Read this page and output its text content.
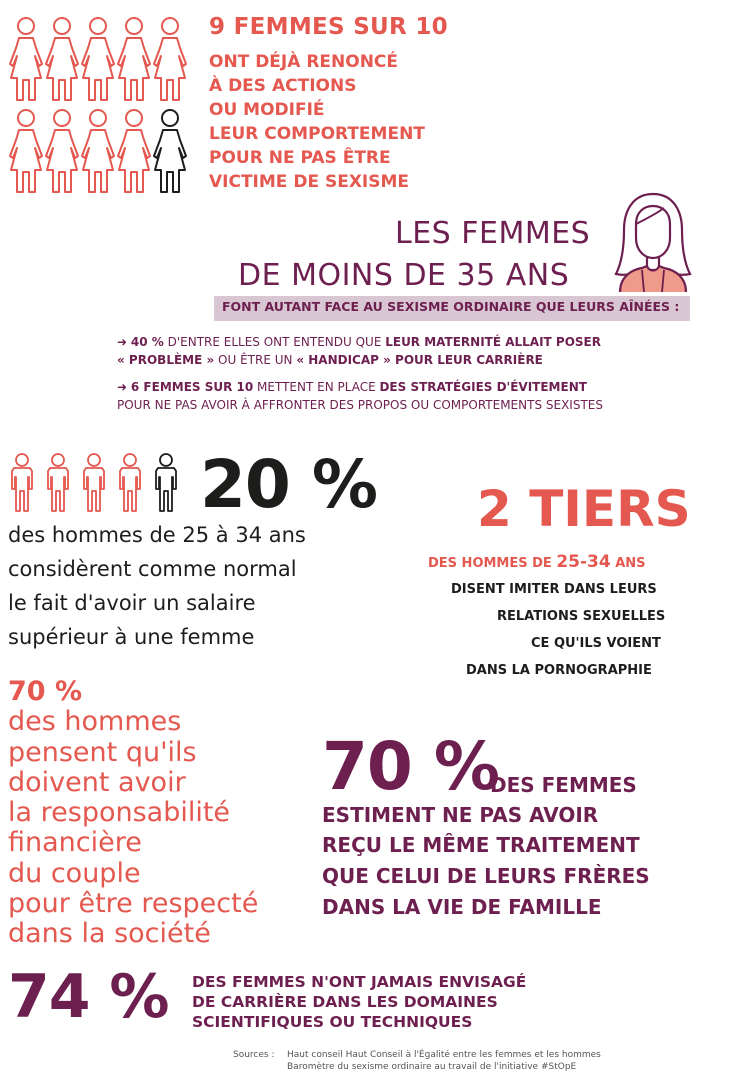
9 FEMMES SUR 10
ONT DÉJÀ RENONCÉ
À DES ACTIONS
OU MODIFIÉ
LEUR COMPORTEMENT
POUR NE PAS ÊTRE
VICTIME DE SEXISME
LES FEMMES
DE MOINS DE 35 ANS
FONT AUTANT FACE AU SEXISME ORDINAIRE QUE LEURS AÎNÉES :
➜ 40 % D'ENTRE ELLES ONT ENTENDU QUE LEUR MATERNITÉ ALLAIT POSER
« PROBLÈME » OU ÊTRE UN « HANDICAP » POUR LEUR CARRIÈRE
➜ 6 FEMMES SUR 10 METTENT EN PLACE DES STRATÉGIES D'ÉVITEMENT
POUR NE PAS AVOIR À AFFRONTER DES PROPOS OU COMPORTEMENTS SEXISTES
20 %
des hommes de 25 à 34 ans
considèrent comme normal
le fait d'avoir un salaire
supérieur à une femme
2 TIERS
DES HOMMES DE 25-34 ANS
DISENT IMITER DANS LEURS
RELATIONS SEXUELLES
CE QU'ILS VOIENT
DANS LA PORNOGRAPHIE
70 %
des hommes
pensent qu'ils
doivent avoir
la responsabilité
financière
du couple
pour être respecté
dans la société
70 %
DES FEMMES
ESTIMENT NE PAS AVOIR
REÇU LE MÊME TRAITEMENT
QUE CELUI DE LEURS FRÈRES
DANS LA VIE DE FAMILLE
74 % DES FEMMES N'ONT JAMAIS ENVISAGÉ
DE CARRIÈRE DANS LES DOMAINES
SCIENTIFIQUES OU TECHNIQUES
Sources : Haut conseil Haut Conseil à l'Égalité entre les femmes et les hommes
Baromètre du sexisme ordinaire au travail de l'initiative #StOpE
